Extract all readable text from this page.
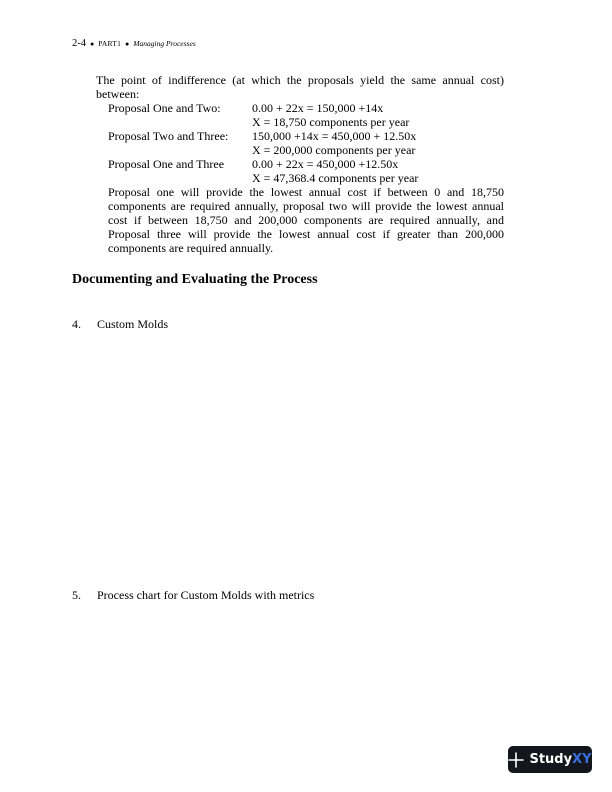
2-4 ● PART1 ● Managing Processes
The point of indifference (at which the proposals yield the same annual cost)
between:
Proposal One and Two:	0.00 + 22x = 150,000 +14x
X = 18,750 components per year
Proposal Two and Three:	150,000 +14x = 450,000 + 12.50x
X = 200,000 components per year
Proposal One and Three	0.00 + 22x = 450,000 +12.50x
X = 47,368.4 components per year
Proposal one will provide the lowest annual cost if between 0 and 18,750 components are required annually, proposal two will provide the lowest annual cost if between 18,750 and 200,000 components are required annually, and Proposal three will provide the lowest annual cost if greater than 200,000 components are required annually.
Documenting and Evaluating the Process
4.	Custom Molds
5.	Process chart for Custom Molds with metrics
StudyXY
